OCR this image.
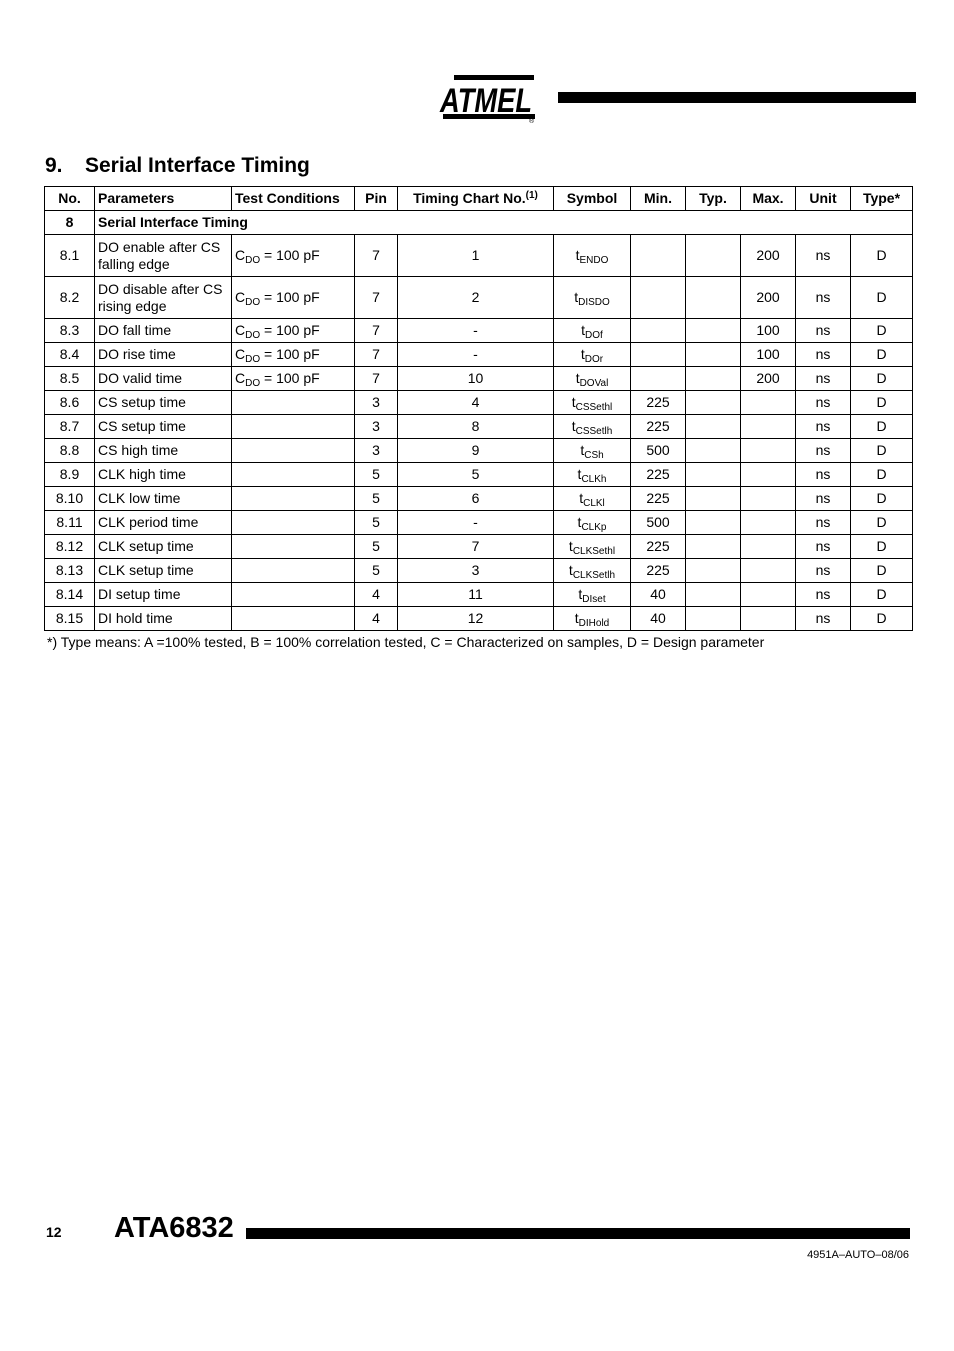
ATMEL
®
9. Serial Interface Timing
No.	Parameters	Test Conditions	Pin	Timing Chart No.$^{(1)}$	Symbol	Min.	Typ.	Max.	Unit	Type*
8	Serial Interface Timing									
8.1	DO enable after CS falling edge	$C_{DO} = 100$ pF	7	1	$t_{ENDO}$			200	ns	D
8.2	DO disable after CS rising edge	$C_{DO} = 100$ pF	7	2	$t_{DISDO}$			200	ns	D
8.3	DO fall time	$C_{DO} = 100$ pF	7	-	$t_{DOf}$			100	ns	D
8.4	DO rise time	$C_{DO} = 100$ pF	7	-	$t_{DOr}$			100	ns	D
8.5	DO valid time	$C_{DO} = 100$ pF	7	10	$t_{DOVal}$			200	ns	D
8.6	CS setup time		3	4	$t_{CSSethl}$	225			ns	D
8.7	CS setup time		3	8	$t_{CSSetlh}$	225			ns	D
8.8	CS high time		3	9	$t_{CSh}$	500			ns	D
8.9	CLK high time		5	5	$t_{CLKh}$	225			ns	D
8.10	CLK low time		5	6	$t_{CLKl}$	225			ns	D
8.11	CLK period time		5	-	$t_{CLKp}$	500			ns	D
8.12	CLK setup time		5	7	$t_{CLKSethl}$	225			ns	D
8.13	CLK setup time		5	3	$t_{CLKSetlh}$	225			ns	D
8.14	DI setup time		4	11	$t_{DIset}$	40			ns	D
8.15	DI hold time		4	12	$t_{DIHold}$	40			ns	D
*) Type means: A =100% tested, B = 100% correlation tested, C = Characterized on samples, D = Design parameter
12 ATA6832
4951A–AUTO–08/06
